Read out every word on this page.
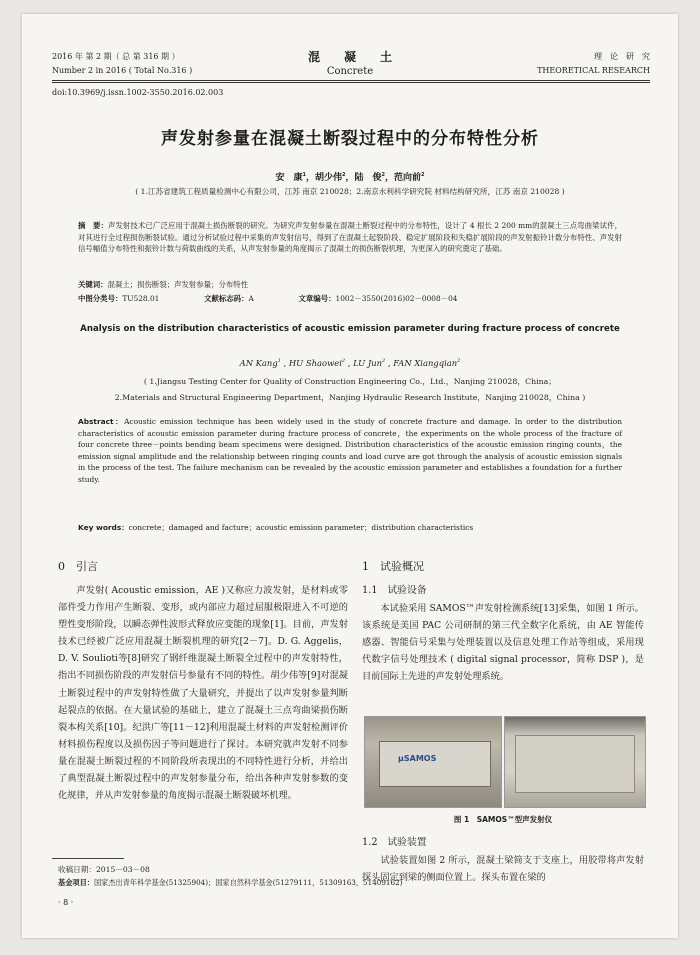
2016 年 第 2 期（ 总 第 316 期 ）
Number 2 in 2016 ( Total No.316 )
混　　凝　　土
Concrete
理　论　研　究
THEORETICAL RESEARCH
doi:10.3969/j.issn.1002-3550.2016.02.003
声发射参量在混凝土断裂过程中的分布特性分析
安　康$^1$，胡少伟$^2$，陆　俊$^2$，范向前$^2$
( 1.江苏省建筑工程质量检测中心有限公司，江苏 南京 210028；2.南京水利科学研究院 材料结构研究所，江苏 南京 210028 )
摘　要：声发射技术已广泛应用于混凝土损伤断裂的研究。为研究声发射参量在混凝土断裂过程中的分布特性，设计了 4 根长 2 200 mm的混凝土三点弯曲梁试件，对其进行全过程损伤断裂试验。通过分析试验过程中采集的声发射信号，得到了在混凝土起裂阶段、稳定扩展阶段和失稳扩展阶段的声发射振铃计数分布特性、声发射信号幅值分布特性和振铃计数与荷载曲线的关系，从声发射参量的角度揭示了混凝土的损伤断裂机理，为更深入的研究奠定了基础。
关键词：混凝土；损伤断裂；声发射参量；分布特性
中图分类号：TU528.01	文献标志码：A	文章编号：1002－3550(2016)02－0008－04
Analysis on the distribution characteristics of acoustic emission parameter during fracture process of concrete
AN Kang$^1$ , HU Shaowei$^2$ , LU Jun$^2$ , FAN Xiangqian$^2$
( 1.Jiangsu Testing Center for Quality of Construction Engineering Co.，Ltd.，Nanjing 210028，China；
2.Materials and Structural Engineering Department，Nanjing Hydraulic Research Institute，Nanjing 210028，China )
Abstract：Acoustic emission technique has been widely used in the study of concrete fracture and damage. In order to the distribution characteristics of acoustic emission parameter during fracture process of concrete，the experiments on the whole process of the fracture of four concrete three－points bending beam specimens were designed. Distribution characteristics of the acoustic emission ringing counts，the emission signal amplitude and the relationship between ringing counts and load curve are got through the analysis of acoustic emission signals in the process of the test. The failure mechanism can be revealed by the acoustic emission parameter and establishes a foundation for a further study.
Key words：concrete；damaged and facture；acoustic emission parameter；distribution characteristics
0　引言

声发射( Acoustic emission，AE )又称应力波发射，是材料或零部件受力作用产生断裂、变形，或内部应力超过屈服极限进入不可逆的塑性变形阶段，以瞬态弹性波形式释放应变能的现象[1]。目前，声发射技术已经被广泛应用混凝土断裂机理的研究[2－7]。D. G. Aggelis，D. V. Soulioti等[8]研究了钢纤维混凝土断裂全过程中的声发射特性，指出不同损伤阶段的声发射信号参量有不同的特性。胡少伟等[9]对混凝土断裂过程中的声发射特性做了大量研究，并提出了以声发射参量判断起裂点的依据。在大量试验的基础上，建立了混凝土三点弯曲梁损伤断裂本构关系[10]。纪洪广等[11－12]利用混凝土材料的声发射检测评价材料损伤程度以及损伤因子等问题进行了探讨。本研究就声发射不同参量在混凝土断裂过程的不同阶段所表现出的不同特性进行分析，并给出了典型混凝土断裂过程中的声发射参量分布，给出各种声发射参数的变化规律，并从声发射参量的角度揭示混凝土断裂破坏机理。

收稿日期：2015－03－08
基金项目：国家杰出青年科学基金(51325904)；国家自然科学基金(51279111，51309163，51409162)
· 8 ·
1　试验概况
1.1　试验设备

本试验采用 SAMOS™声发射检测系统[13]采集，如图 1 所示。该系统是美国 PAC 公司研制的第三代全数字化系统，由 AE 智能传感器、智能信号采集与处理装置以及信息处理工作站等组成，采用现代数字信号处理技术 ( digital signal processor，简称 DSP )，是目前国际上先进的声发射处理系统。

μSAMOS
图 1　SAMOS™型声发射仪
1.2　试验装置

试验装置如图 2 所示，混凝土梁简支于支座上，用胶带将声发射探头固定到梁的侧面位置上。探头布置在梁的
